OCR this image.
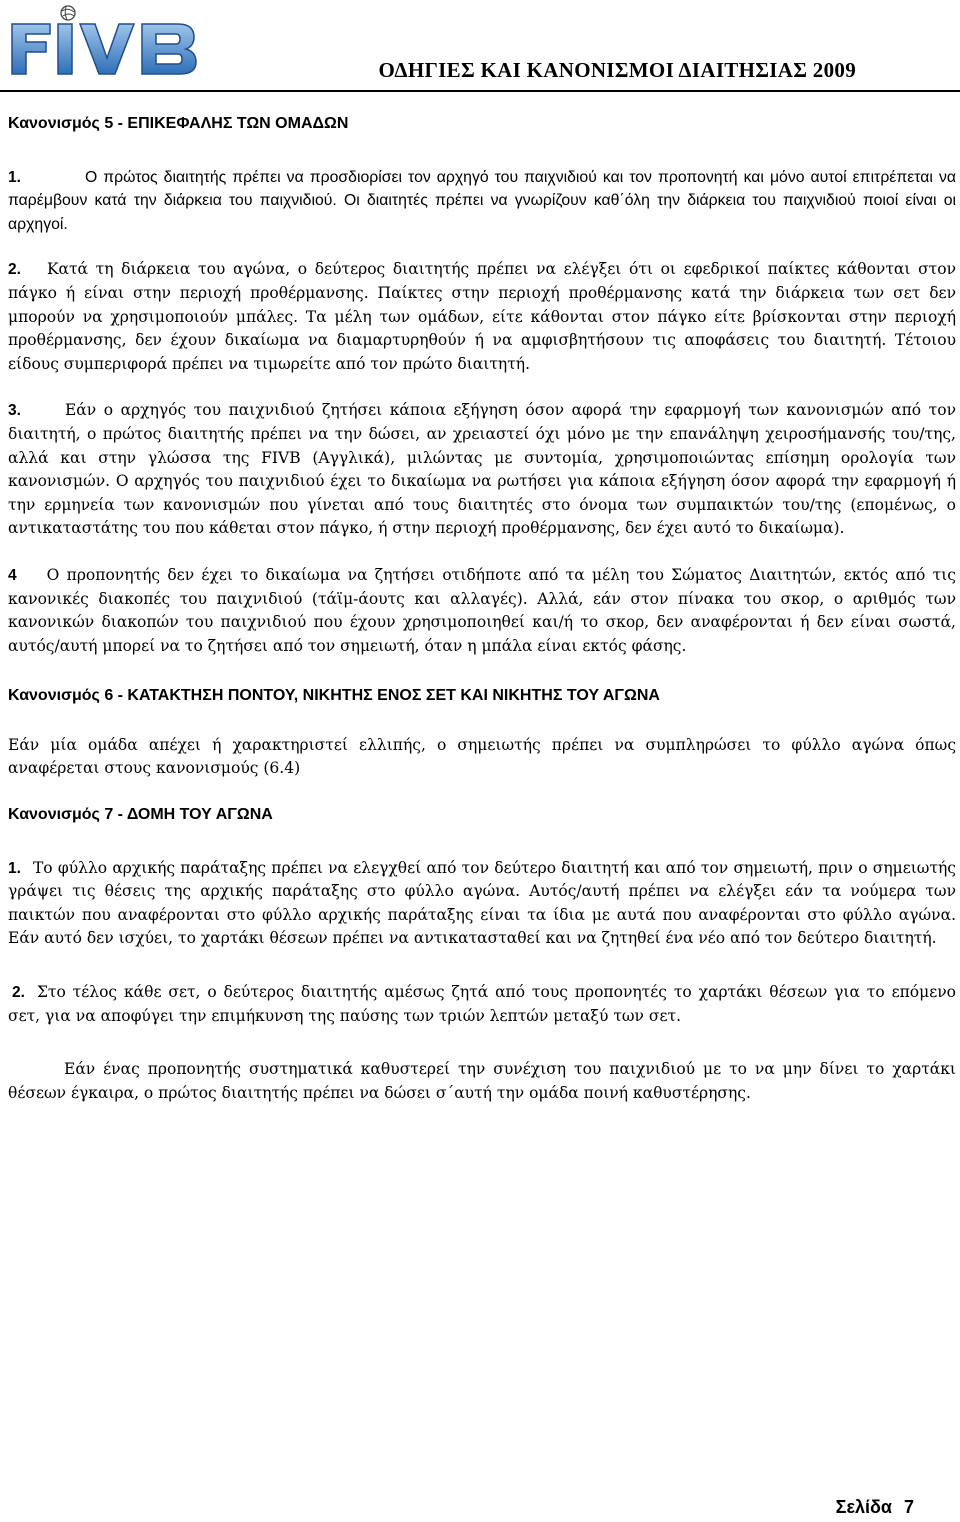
ΟΔΗΓΙΕΣ ΚΑΙ ΚΑΝΟΝΙΣΜΟΙ ΔΙΑΙΤΗΣΙΑΣ 2009

Κανονισμός 5 - ΕΠΙΚΕΦΑΛΗΣ ΤΩΝ ΟΜΑΔΩΝ

1.	Ο πρώτος διαιτητής πρέπει να προσδιορίσει τον αρχηγό του παιχνιδιού και τον προπονητή και μόνο αυτοί επιτρέπεται να παρέμβουν κατά την διάρκεια του παιχνιδιού. Οι διαιτητές πρέπει να γνωρίζουν καθ΄όλη την διάρκεια του παιχνιδιού ποιοί είναι οι αρχηγοί.

2. Κατά τη διάρκεια του αγώνα, ο δεύτερος διαιτητής πρέπει να ελέγξει ότι οι εφεδρικοί παίκτες κάθονται στον πάγκο ή είναι στην περιοχή προθέρμανσης. Παίκτες στην περιοχή προθέρμανσης κατά την διάρκεια των σετ δεν μπορούν να χρησιμοποιούν μπάλες. Τα μέλη των ομάδων, είτε κάθονται στον πάγκο είτε βρίσκονται στην περιοχή προθέρμανσης, δεν έχουν δικαίωμα να διαμαρτυρηθούν ή να αμφισβητήσουν τις αποφάσεις του διαιτητή. Τέτοιου είδους συμπεριφορά πρέπει να τιμωρείτε από τον πρώτο διαιτητή.

3.	Εάν ο αρχηγός του παιχνιδιού ζητήσει κάποια εξήγηση όσον αφορά την εφαρμογή των κανονισμών από τον διαιτητή, ο πρώτος διαιτητής πρέπει να την δώσει, αν χρειαστεί όχι μόνο με την επανάληψη χειροσήμανσής του/της, αλλά και στην γλώσσα της FIVB (Αγγλικά), μιλώντας με συντομία, χρησιμοποιώντας επίσημη ορολογία των κανονισμών. Ο αρχηγός του παιχνιδιού έχει το δικαίωμα να ρωτήσει για κάποια εξήγηση όσον αφορά την εφαρμογή ή την ερμηνεία των κανονισμών που γίνεται από τους διαιτητές στο όνομα των συμπαικτών του/της (επομένως, ο αντικαταστάτης του που κάθεται στον πάγκο, ή στην περιοχή προθέρμανσης, δεν έχει αυτό το δικαίωμα).

4 Ο προπονητής δεν έχει το δικαίωμα να ζητήσει οτιδήποτε από τα μέλη του Σώματος Διαιτητών, εκτός από τις κανονικές διακοπές του παιχνιδιού (τάϊμ-άουτς και αλλαγές). Αλλά, εάν στον πίνακα του σκορ, ο αριθμός των κανονικών διακοπών του παιχνιδιού που έχουν χρησιμοποιηθεί και/ή το σκορ, δεν αναφέρονται ή δεν είναι σωστά, αυτός/αυτή μπορεί να το ζητήσει από τον σημειωτή, όταν η μπάλα είναι εκτός φάσης.

Κανονισμός 6 - ΚΑΤΑΚΤΗΣΗ ΠΟΝΤΟΥ, ΝΙΚΗΤΗΣ ΕΝΟΣ ΣΕΤ ΚΑΙ ΝΙΚΗΤΗΣ ΤΟΥ ΑΓΩΝΑ

Εάν μία ομάδα απέχει ή χαρακτηριστεί ελλιπής, ο σημειωτής πρέπει να συμπληρώσει το φύλλο αγώνα όπως αναφέρεται στους κανονισμούς (6.4)

Κανονισμός 7 - ΔΟΜΗ ΤΟΥ ΑΓΩΝΑ

1. Το φύλλο αρχικής παράταξης πρέπει να ελεγχθεί από τον δεύτερο διαιτητή και από τον σημειωτή, πριν ο σημειωτής γράψει τις θέσεις της αρχικής παράταξης στο φύλλο αγώνα. Αυτός/αυτή πρέπει να ελέγξει εάν τα νούμερα των παικτών που αναφέρονται στο φύλλο αρχικής παράταξης είναι τα ίδια με αυτά που αναφέρονται στο φύλλο αγώνα. Εάν αυτό δεν ισχύει, το χαρτάκι θέσεων πρέπει να αντικατασταθεί και να ζητηθεί ένα νέο από τον δεύτερο διαιτητή.

2. Στο τέλος κάθε σετ, ο δεύτερος διαιτητής αμέσως ζητά από τους προπονητές το χαρτάκι θέσεων για το επόμενο σετ, για να αποφύγει την επιμήκυνση της παύσης των τριών λεπτών μεταξύ των σετ.

Εάν ένας προπονητής συστηματικά καθυστερεί την συνέχιση του παιχνιδιού με το να μην δίνει το χαρτάκι θέσεων έγκαιρα, ο πρώτος διαιτητής πρέπει να δώσει σ΄αυτή την ομάδα ποινή καθυστέρησης.

Σελίδα 7
